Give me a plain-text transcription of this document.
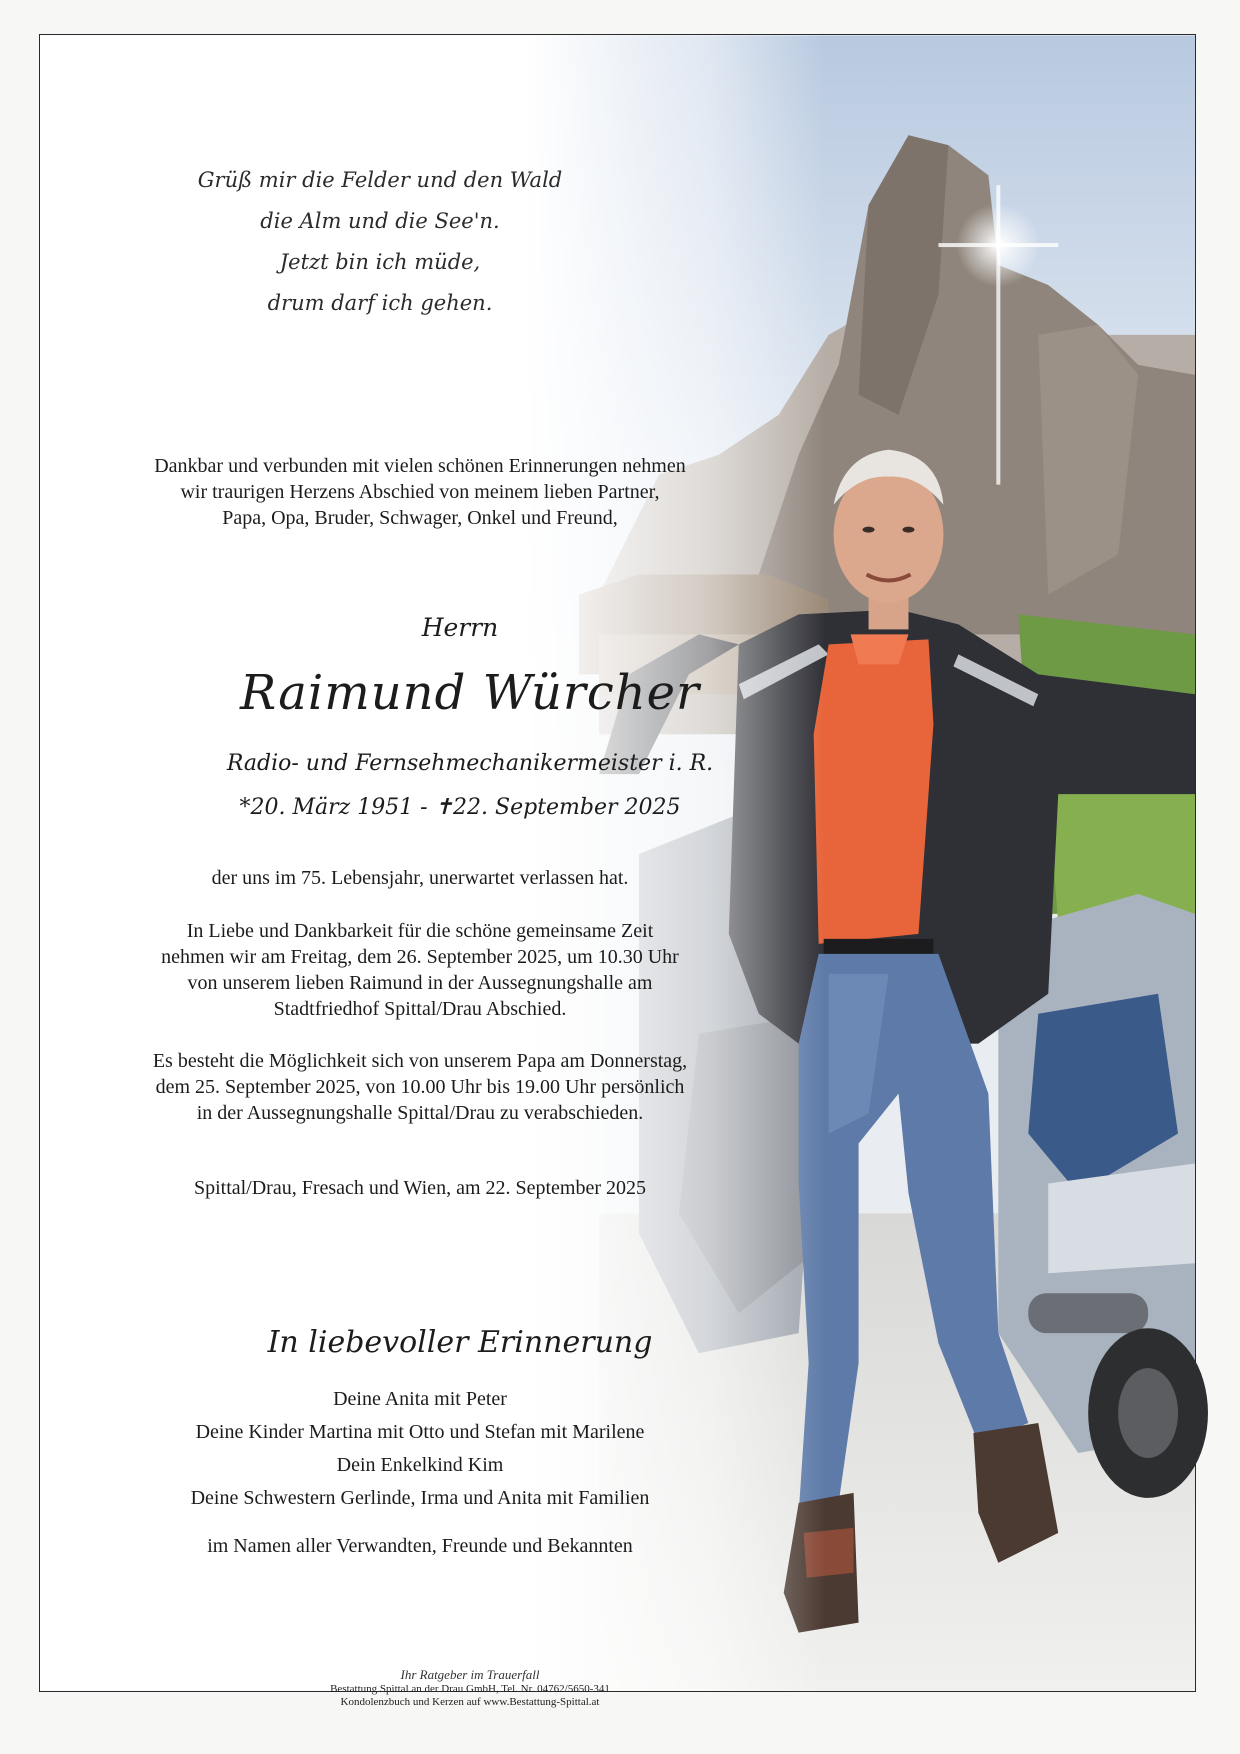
Grüß mir die Felder und den Wald
die Alm und die See'n.
Jetzt bin ich müde,
drum darf ich gehen.
Dankbar und verbunden mit vielen schönen Erinnerungen nehmen
wir traurigen Herzens Abschied von meinem lieben Partner,
Papa, Opa, Bruder, Schwager, Onkel und Freund,
Herrn
Raimund Würcher
Radio- und Fernsehmechanikermeister i. R.
*20. März 1951 - ✝22. September 2025
der uns im 75. Lebensjahr, unerwartet verlassen hat.
In Liebe und Dankbarkeit für die schöne gemeinsame Zeit
nehmen wir am Freitag, dem 26. September 2025, um 10.30 Uhr
von unserem lieben Raimund in der Aussegnungshalle am
Stadtfriedhof Spittal/Drau Abschied.
Es besteht die Möglichkeit sich von unserem Papa am Donnerstag,
dem 25. September 2025, von 10.00 Uhr bis 19.00 Uhr persönlich
in der Aussegnungshalle Spittal/Drau zu verabschieden.
Spittal/Drau, Fresach und Wien, am 22. September 2025
In liebevoller Erinnerung
Deine Anita mit Peter
Deine Kinder Martina mit Otto und Stefan mit Marilene
Dein Enkelkind Kim
Deine Schwestern Gerlinde, Irma und Anita mit Familien
im Namen aller Verwandten, Freunde und Bekannten
Ihr Ratgeber im Trauerfall
Bestattung Spittal an der Drau GmbH, Tel. Nr. 04762/5650-341
Kondolenzbuch und Kerzen auf www.Bestattung-Spittal.at
